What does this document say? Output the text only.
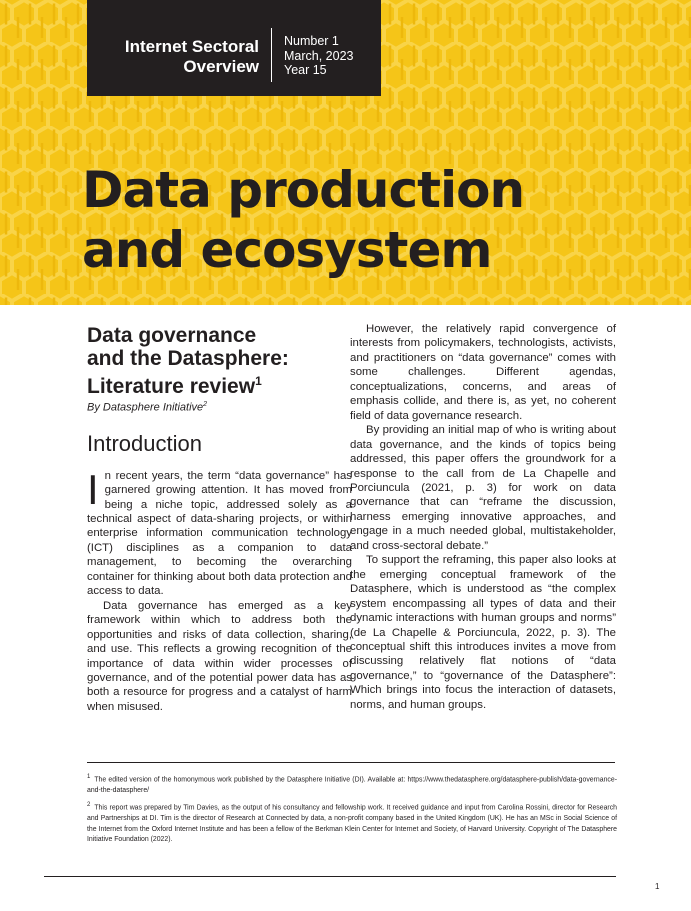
Internet Sectoral
Overview
Number 1
March, 2023
Year 15
Data production
and ecosystem
Data governance
and the Datasphere:
Literature review$^1$
By Datasphere Initiative$^2$
Introduction

In recent years, the term “data governance” has garnered growing attention. It has moved from being a niche topic, addressed solely as a technical aspect of data-sharing projects, or within enterprise information communication technology (ICT) disciplines as a companion to data management, to becoming the overarching container for thinking about both data protection and access to data.

Data governance has emerged as a key framework within which to address both the opportunities and risks of data collection, sharing, and use. This reflects a growing recognition of the importance of data within wider processes of governance, and of the potential power data has as both a resource for progress and a catalyst of harm when misused.

However, the relatively rapid convergence of interests from policymakers, technologists, activists, and practitioners on “data governance” comes with some challenges. Different agendas, conceptualizations, concerns, and areas of emphasis collide, and there is, as yet, no coherent field of data governance research.

By providing an initial map of who is writing about data governance, and the kinds of topics being addressed, this paper offers the groundwork for a response to the call from de La Chapelle and Porciuncula (2021, p. 3) for work on data governance that can “reframe the discussion, harness emerging innovative approaches, and engage in a much needed global, multistakeholder, and cross-sectoral debate.”

To support the reframing, this paper also looks at the emerging conceptual framework of the Datasphere, which is understood as “the complex system encompassing all types of data and their dynamic interactions with human groups and norms” (de La Chapelle & Porciuncula, 2022, p. 3). The conceptual shift this introduces invites a move from discussing relatively flat notions of “data governance,” to “governance of the Datasphere”: Which brings into focus the interaction of datasets, norms, and human groups.

$^1$ The edited version of the homonymous work published by the Datasphere Initiative (DI). Available at: https://www.thedatasphere.org/datasphere-publish/data-governance-and-the-datasphere/

$^2$ This report was prepared by Tim Davies, as the output of his consultancy and fellowship work. It received guidance and input from Carolina Rossini, director for Research and Partnerships at DI. Tim is the director of Research at Connected by data, a non-profit company based in the United Kingdom (UK). He has an MSc in Social Science of the Internet from the Oxford Internet Institute and has been a fellow of the Berkman Klein Center for Internet and Society, of Harvard University. Copyright of The Datasphere Initiative Foundation (2022).

1
